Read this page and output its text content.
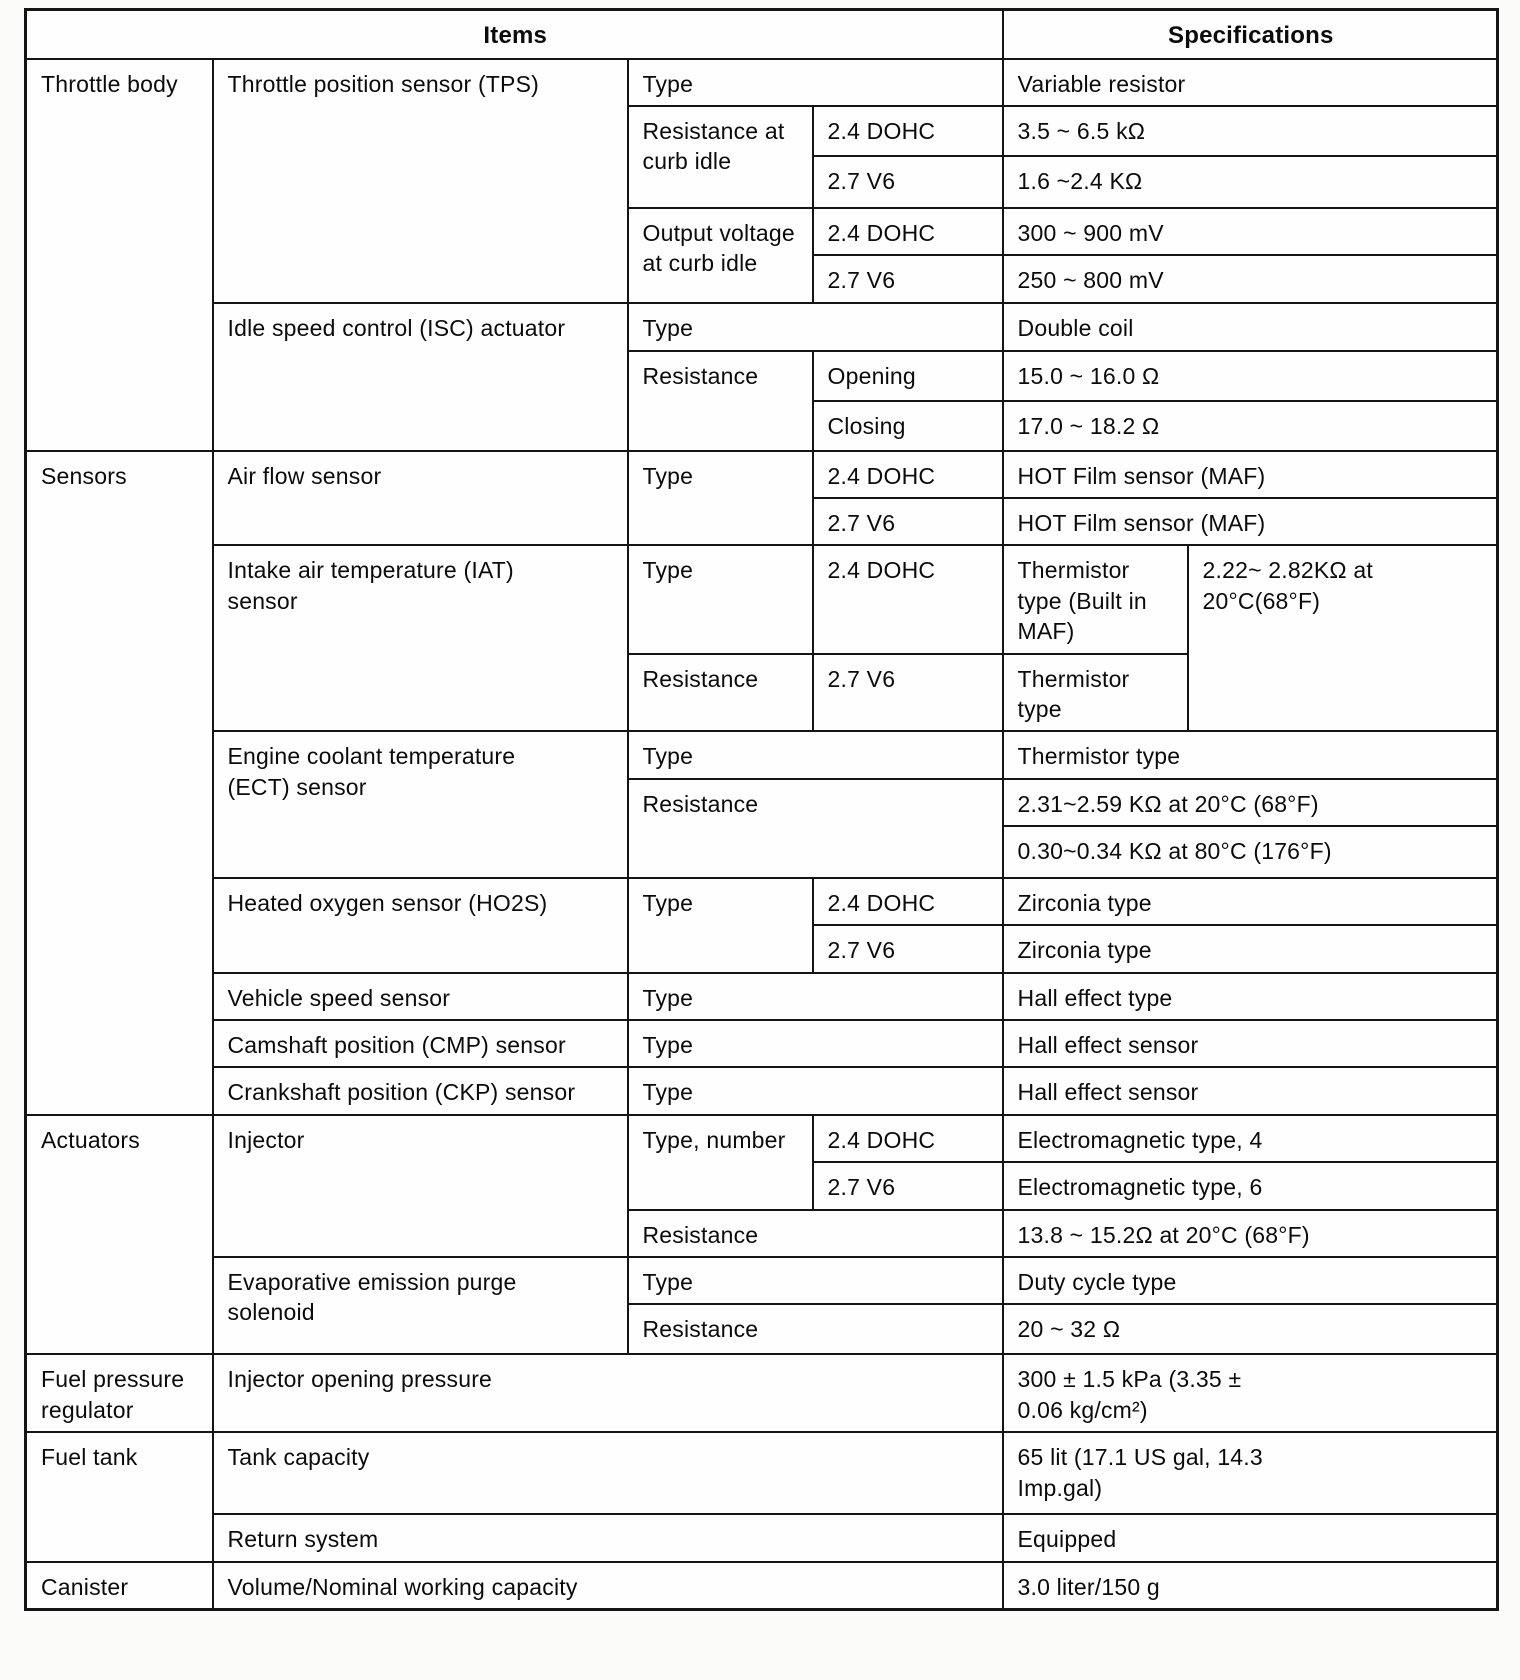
Items				Specifications	
Throttle body	Throttle position sensor (TPS)	Type		Variable resistor	
		Resistance at curb idle	2.4 DOHC	3.5 ~ 6.5 kΩ	
			2.7 V6	1.6 ~2.4 KΩ	
		Output voltage at curb idle	2.4 DOHC	300 ~ 900 mV	
			2.7 V6	250 ~ 800 mV	
	Idle speed control (ISC) actuator	Type		Double coil	
		Resistance	Opening	15.0 ~ 16.0 Ω	
			Closing	17.0 ~ 18.2 Ω	
Sensors	Air flow sensor	Type	2.4 DOHC	HOT Film sensor (MAF)	
			2.7 V6	HOT Film sensor (MAF)	
	Intake air temperature (IAT) sensor	Type	2.4 DOHC	Thermistor type (Built in MAF)	2.22~ 2.82KΩ at 20°C(68°F)
		Resistance	2.7 V6	Thermistor type	
	Engine coolant temperature (ECT) sensor	Type		Thermistor type	
		Resistance		2.31~2.59 KΩ at 20°C (68°F)	
				0.30~0.34 KΩ at 80°C (176°F)	
	Heated oxygen sensor (HO2S)	Type	2.4 DOHC	Zirconia type	
			2.7 V6	Zirconia type	
	Vehicle speed sensor	Type		Hall effect type	
	Camshaft position (CMP) sensor	Type		Hall effect sensor	
	Crankshaft position (CKP) sensor	Type		Hall effect sensor	
Actuators	Injector	Type, number	2.4 DOHC	Electromagnetic type, 4	
			2.7 V6	Electromagnetic type, 6	
		Resistance		13.8 ~ 15.2Ω at 20°C (68°F)	
	Evaporative emission purge solenoid	Type		Duty cycle type	
		Resistance		20 ~ 32 Ω	
Fuel pressure regulator	Injector opening pressure			300 ± 1.5 kPa (3.35 ± 0.06 kg/cm²)	
Fuel tank	Tank capacity			65 lit (17.1 US gal, 14.3 Imp.gal)	
	Return system			Equipped	
Canister	Volume/Nominal working capacity			3.0 liter/150 g	
